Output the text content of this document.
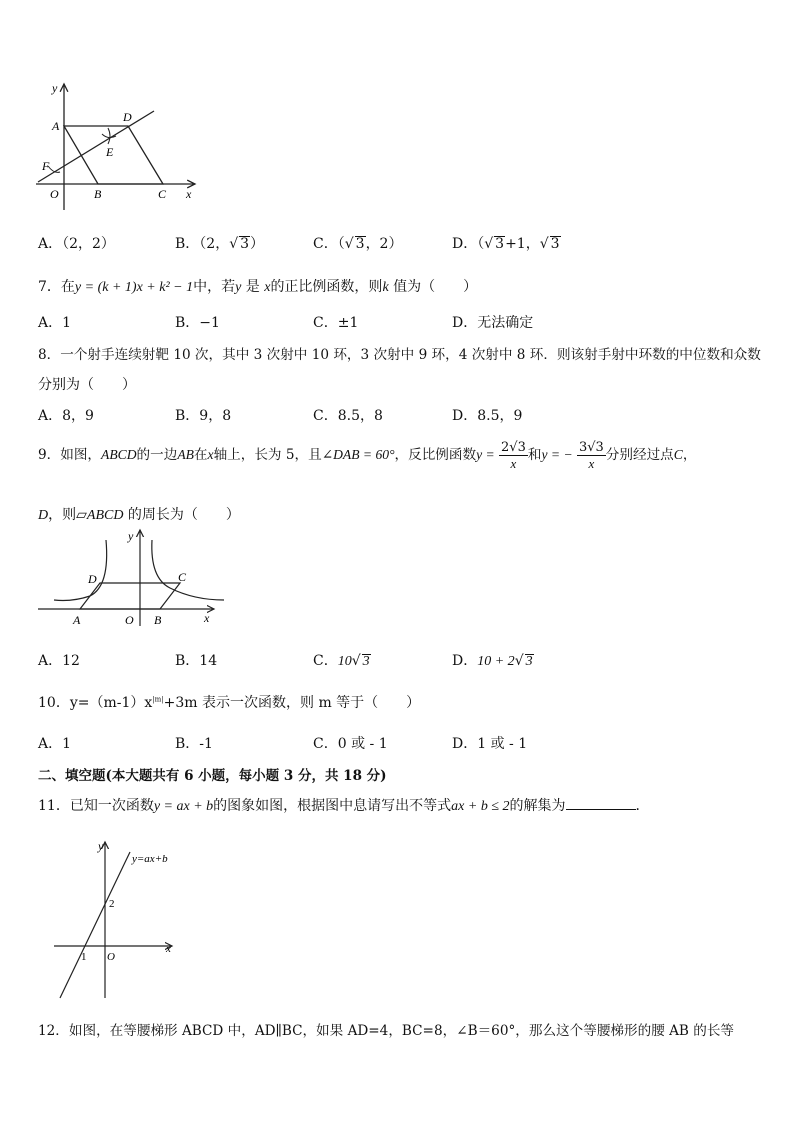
y
A
D
E
F
O	B	C x
A．（2，2）	B．（2，√ 3）	C．（√ 3，2）	D．（√ 3+1，√ 3
7．在y = (k + 1)x + k² − 1中，若y 是 x的正比例函数，则k 值为（　　）
A．1	B．−1	C．±1	D．无法确定
8．一个射手连续射靶 10 次，其中 3 次射中 10 环，3 次射中 9 环，4 次射中 8 环．则该射手射中环数的中位数和众数
分别为（　　）
A．8，9	B．9，8	C．8.5，8	D．8.5，9
9．如图，ABCD的一边AB在x轴上，长为 5，且∠DAB = 60°，反比例函数$y = \frac{2√3}{x}$ 和y = − $\frac{3√3}{x}$ 分别经过点C，
D，则▱ABCD 的周长为（　　）
y
D	C
A	O B	x
A．12	B．14	C．10√ 3	D．10 + 2√ 3
10．$y=(m-1)x^{|m|}+3m$ 表示一次函数，则 m 等于（　　）
A．1	B．-1	C．0 或 - 1	D．1 或 - 1
二、填空题(本大题共有 6 小题，每小题 3 分，共 18 分)
11．已知一次函数y = ax + b的图象如图，根据图中息请写出不等式ax + b ≤ 2的解集为	．
y
y=ax+b
2
1 O
x
12．如图，在等腰梯形 ABCD 中，AD∥BC，如果 AD=4，BC=8，∠B＝60°，那么这个等腰梯形的腰 AB 的长等
